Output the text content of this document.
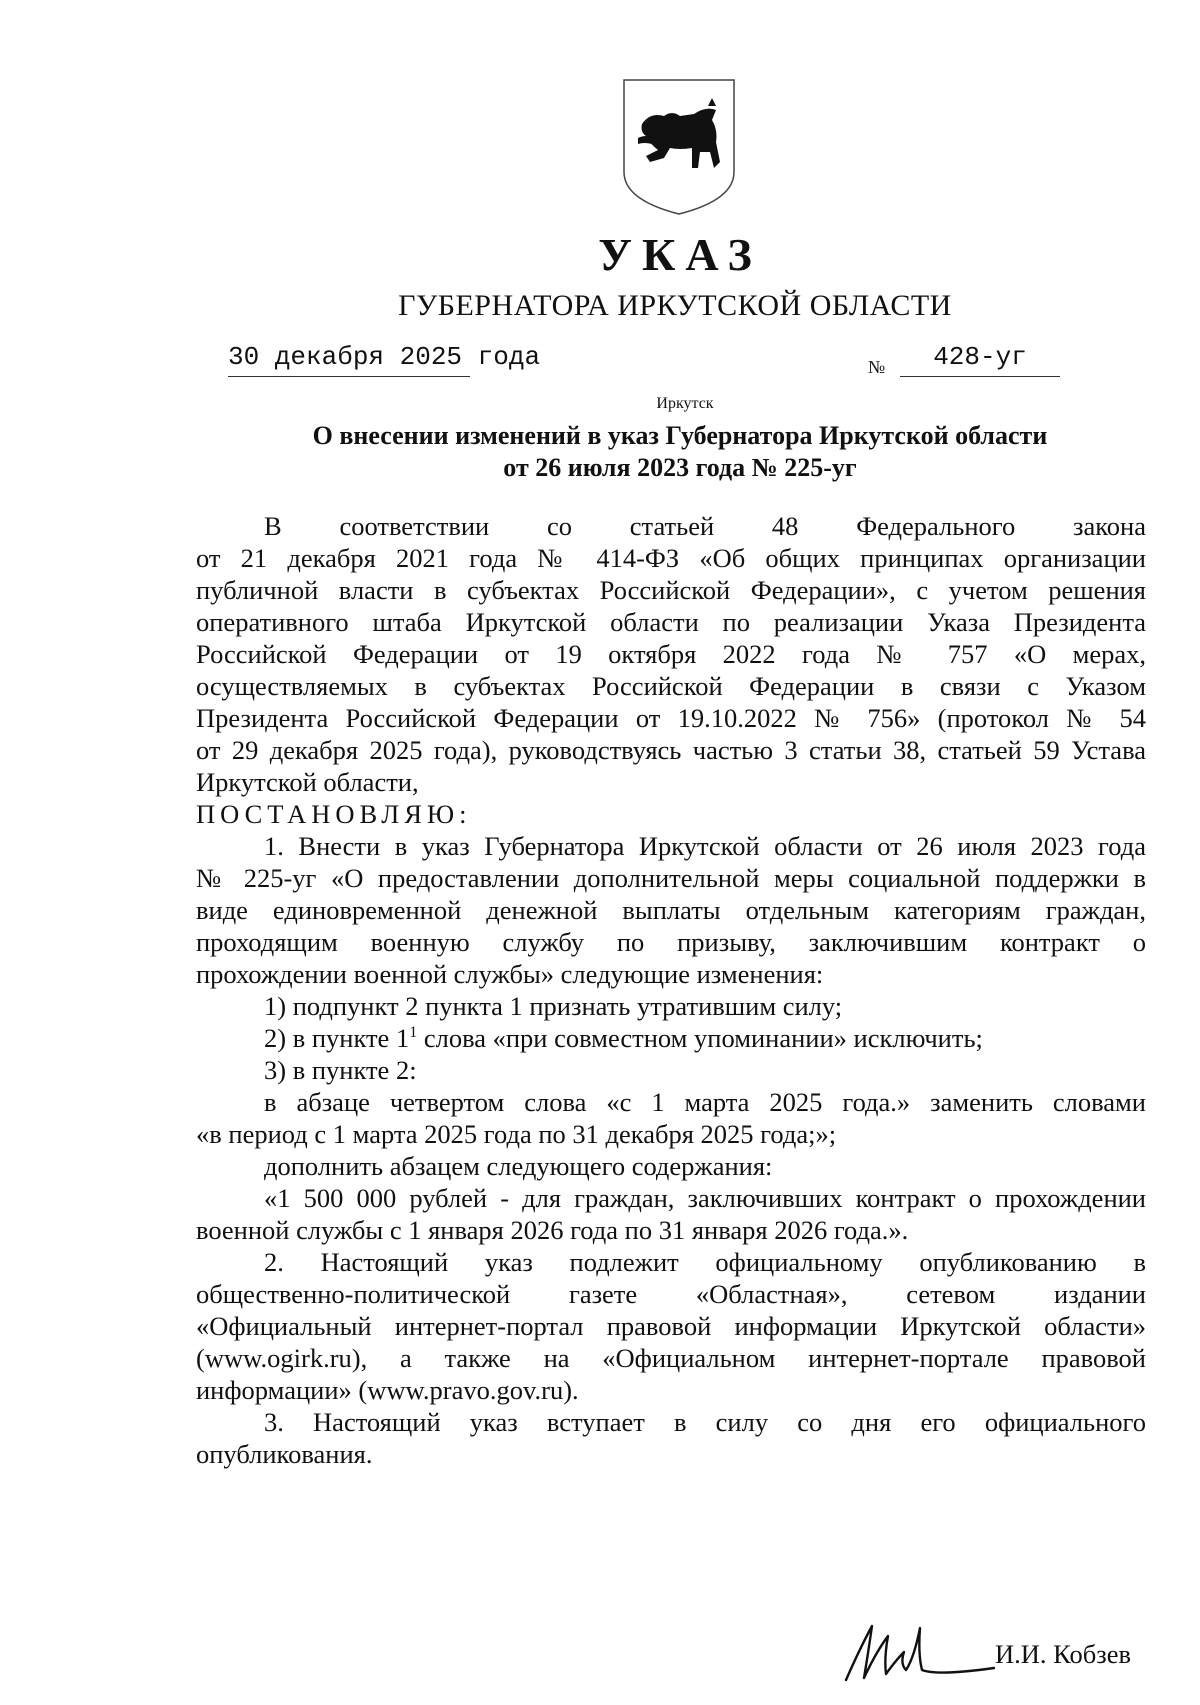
УКАЗ
ГУБЕРНАТОРА ИРКУТСКОЙ ОБЛАСТИ
30 декабря 2025 года	№	428-уг
Иркутск
О внесении изменений в указ Губернатора Иркутской области
от 26 июля 2023 года № 225-уг
В соответствии со статьей 48 Федерального закона
от 21 декабря 2021 года № 414-ФЗ «Об общих принципах организации
публичной власти в субъектах Российской Федерации», с учетом решения
оперативного штаба Иркутской области по реализации Указа Президента
Российской Федерации от 19 октября 2022 года № 757 «О мерах,
осуществляемых в субъектах Российской Федерации в связи с Указом
Президента Российской Федерации от 19.10.2022 № 756» (протокол № 54
от 29 декабря 2025 года), руководствуясь частью 3 статьи 38, статьей 59 Устава
Иркутской области,
ПОСТАНОВЛЯЮ:
1. Внести в указ Губернатора Иркутской области от 26 июля 2023 года
№ 225-уг «О предоставлении дополнительной меры социальной поддержки в
виде единовременной денежной выплаты отдельным категориям граждан,
проходящим военную службу по призыву, заключившим контракт о
прохождении военной службы» следующие изменения:
1) подпункт 2 пункта 1 признать утратившим силу;
2) в пункте $1^1$ слова «при совместном упоминании» исключить;
3) в пункте 2:
в абзаце четвертом слова «с 1 марта 2025 года.» заменить словами
«в период с 1 марта 2025 года по 31 декабря 2025 года;»;
дополнить абзацем следующего содержания:
«1 500 000 рублей - для граждан, заключивших контракт о прохождении
военной службы с 1 января 2026 года по 31 января 2026 года.».
2. Настоящий указ подлежит официальному опубликованию в
общественно-политической газете «Областная», сетевом издании
«Официальный интернет-портал правовой информации Иркутской области»
(www.ogirk.ru), а также на «Официальном интернет-портале правовой
информации» (www.pravo.gov.ru).
3. Настоящий указ вступает в силу со дня его официального
опубликования.
И.И. Кобзев
